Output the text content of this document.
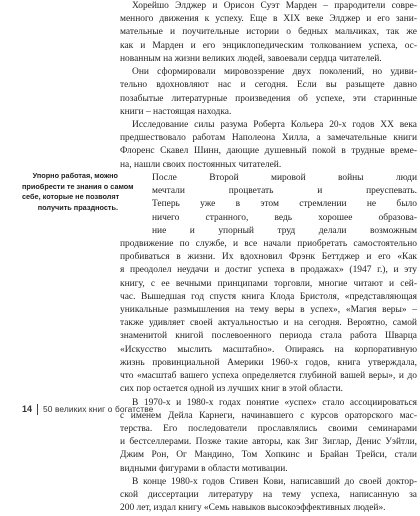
Хорейшо Элджер и Орисон Суэт Марден – прародители совре-
менного движения к успеху. Еще в XIX веке Элджер и его зани-
мательные и поучительные истории о бедных мальчиках, так же
как и Марден и его энциклопедическим толкованием успеха, ос-
нованным на жизни великих людей, завоевали сердца читателей.

Они сформировали мировоззрение двух поколений, но удиви-
тельно вдохновляют нас и сегодня. Если вы разыщете давно
позабытые литературные произведения об успехе, эти старинные
книги – настоящая находка.

Исследование силы разума Роберта Кольера 20-х годов XX века
предшествовало работам Наполеона Хилла, а замечательные книги
Флоренс Скавел Шинн, дающие душевный покой в трудные време-
на, нашли своих постоянных читателей.

После Второй мировой войны люди
мечтали процветать и преуспевать.
Теперь уже в этом стремлении не было
ничего странного, ведь хорошее образова-
ние и упорный труд делали возможным
продвижение по службе, и все начали приобретать самостоятельно
пробиваться в жизни. Их вдохновил Фрэнк Беттджер и его «Как
я преодолел неудачи и достиг успеха в продажах» (1947 г.), и эту
книгу, с ее вечными принципами торговли, многие читают и сей-
час. Вышедшая год спустя книга Клода Бристоля, «представляющая
уникальные размышления на тему веры в успех», «Магия веры» –
также удивляет своей актуальностью и на сегодня. Вероятно, самой
знаменитой книгой послевоенного периода стала работа Шварца
«Искусство мыслить масштабно». Опираясь на корпоративную
жизнь провинциальной Америки 1960-х годов, книга утверждала,
что «масштаб вашего успеха определяется глубиной вашей веры», и до
сих пор остается одной из лучших книг в этой области.

В 1970-х и 1980-х годах понятие «успех» стало ассоциироваться
с именем Дейла Карнеги, начинавшего с курсов ораторского мас-
терства. Его последователи прославлялись своими семинарами
и бестселлерами. Позже такие авторы, как Зиг Зиглар, Денис Уэйтли,
Джим Рон, Ог Мандино, Том Хопкинс и Брайан Трейси, стали
видными фигурами в области мотивации.

В конце 1980-х годов Стивен Кови, написавший до своей доктор-
ской диссертации литературу на тему успеха, написанную за
200 лет, издал книгу «Семь навыков высокоэффективных людей».

Упорно работая, можно
приобрести те знания о самом
себе, которые не позволят
получить праздность.
14 50 великих книг о богатстве
